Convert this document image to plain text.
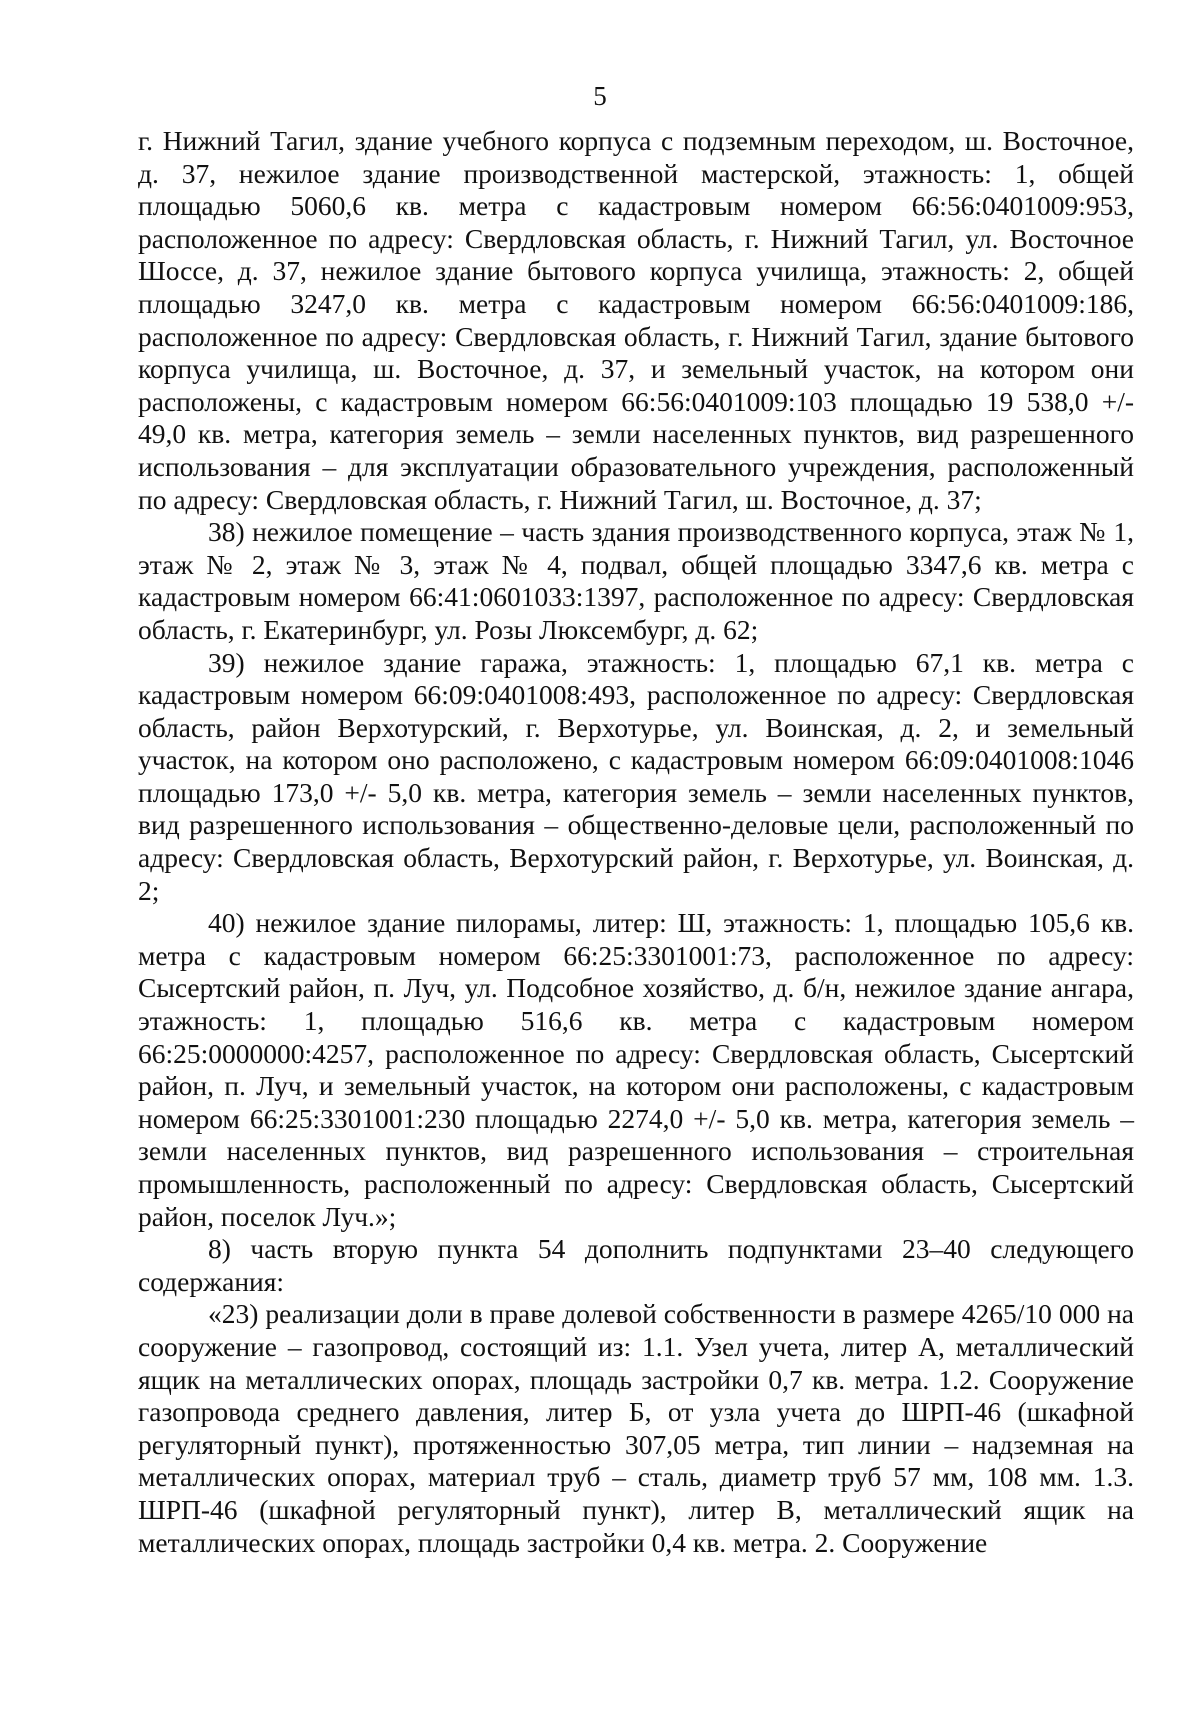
5

г. Нижний Тагил, здание учебного корпуса с подземным переходом, ш. Восточное, д. 37, нежилое здание производственной мастерской, этажность: 1, общей площадью 5060,6 кв. метра с кадастровым номером 66:56:0401009:953, расположенное по адресу: Свердловская область, г. Нижний Тагил, ул. Восточное Шоссе, д. 37, нежилое здание бытового корпуса училища, этажность: 2, общей площадью 3247,0 кв. метра с кадастровым номером 66:56:0401009:186, расположенное по адресу: Свердловская область, г. Нижний Тагил, здание бытового корпуса училища, ш. Восточное, д. 37, и земельный участок, на котором они расположены, с кадастровым номером 66:56:0401009:103 площадью 19 538,0 +/- 49,0 кв. метра, категория земель – земли населенных пунктов, вид разрешенного использования – для эксплуатации образовательного учреждения, расположенный по адресу: Свердловская область, г. Нижний Тагил, ш. Восточное, д. 37;

38) нежилое помещение – часть здания производственного корпуса, этаж № 1, этаж № 2, этаж № 3, этаж № 4, подвал, общей площадью 3347,6 кв. метра с кадастровым номером 66:41:0601033:1397, расположенное по адресу: Свердловская область, г. Екатеринбург, ул. Розы Люксембург, д. 62;

39) нежилое здание гаража, этажность: 1, площадью 67,1 кв. метра с кадастровым номером 66:09:0401008:493, расположенное по адресу: Свердловская область, район Верхотурский, г. Верхотурье, ул. Воинская, д. 2, и земельный участок, на котором оно расположено, с кадастровым номером 66:09:0401008:1046 площадью 173,0 +/- 5,0 кв. метра, категория земель – земли населенных пунктов, вид разрешенного использования – общественно-деловые цели, расположенный по адресу: Свердловская область, Верхотурский район, г. Верхотурье, ул. Воинская, д. 2;

40) нежилое здание пилорамы, литер: Ш, этажность: 1, площадью 105,6 кв. метра с кадастровым номером 66:25:3301001:73, расположенное по адресу: Сысертский район, п. Луч, ул. Подсобное хозяйство, д. б/н, нежилое здание ангара, этажность: 1, площадью 516,6 кв. метра с кадастровым номером 66:25:0000000:4257, расположенное по адресу: Свердловская область, Сысертский район, п. Луч, и земельный участок, на котором они расположены, с кадастровым номером 66:25:3301001:230 площадью 2274,0 +/- 5,0 кв. метра, категория земель – земли населенных пунктов, вид разрешенного использования – строительная промышленность, расположенный по адресу: Свердловская область, Сысертский район, поселок Луч.»;

8) часть вторую пункта 54 дополнить подпунктами 23–40 следующего содержания:

«23) реализации доли в праве долевой собственности в размере 4265/10 000 на сооружение – газопровод, состоящий из: 1.1. Узел учета, литер А, металлический ящик на металлических опорах, площадь застройки 0,7 кв. метра. 1.2. Сооружение газопровода среднего давления, литер Б, от узла учета до ШРП-46 (шкафной регуляторный пункт), протяженностью 307,05 метра, тип линии – надземная на металлических опорах, материал труб – сталь, диаметр труб 57 мм, 108 мм. 1.3. ШРП-46 (шкафной регуляторный пункт), литер В, металлический ящик на металлических опорах, площадь застройки 0,4 кв. метра. 2. Сооружение
